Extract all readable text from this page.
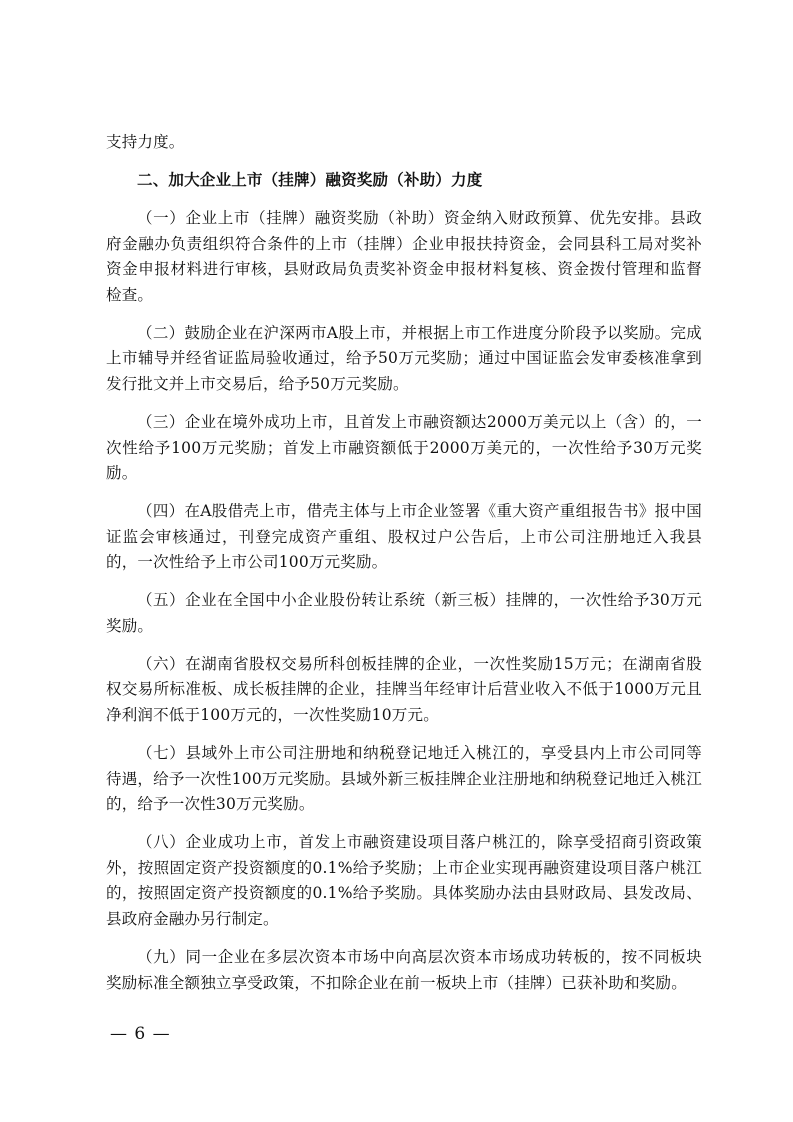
支持力度。

二、加大企业上市（挂牌）融资奖励（补助）力度

（一）企业上市（挂牌）融资奖励（补助）资金纳入财政预算、优先安排。县政府金融办负责组织符合条件的上市（挂牌）企业申报扶持资金，会同县科工局对奖补资金申报材料进行审核，县财政局负责奖补资金申报材料复核、资金拨付管理和监督检查。

（二）鼓励企业在沪深两市A股上市，并根据上市工作进度分阶段予以奖励。完成上市辅导并经省证监局验收通过，给予50万元奖励；通过中国证监会发审委核准拿到发行批文并上市交易后，给予50万元奖励。

（三）企业在境外成功上市，且首发上市融资额达2000万美元以上（含）的，一次性给予100万元奖励；首发上市融资额低于2000万美元的，一次性给予30万元奖励。

（四）在A股借壳上市，借壳主体与上市企业签署《重大资产重组报告书》报中国证监会审核通过，刊登完成资产重组、股权过户公告后，上市公司注册地迁入我县的，一次性给予上市公司100万元奖励。

（五）企业在全国中小企业股份转让系统（新三板）挂牌的，一次性给予30万元奖励。

（六）在湖南省股权交易所科创板挂牌的企业，一次性奖励15万元；在湖南省股权交易所标准板、成长板挂牌的企业，挂牌当年经审计后营业收入不低于1000万元且净利润不低于100万元的，一次性奖励10万元。

（七）县域外上市公司注册地和纳税登记地迁入桃江的，享受县内上市公司同等待遇，给予一次性100万元奖励。县域外新三板挂牌企业注册地和纳税登记地迁入桃江的，给予一次性30万元奖励。

（八）企业成功上市，首发上市融资建设项目落户桃江的，除享受招商引资政策外，按照固定资产投资额度的0.1%给予奖励；上市企业实现再融资建设项目落户桃江的，按照固定资产投资额度的0.1%给予奖励。具体奖励办法由县财政局、县发改局、县政府金融办另行制定。

（九）同一企业在多层次资本市场中向高层次资本市场成功转板的，按不同板块奖励标准全额独立享受政策，不扣除企业在前一板块上市（挂牌）已获补助和奖励。

— 6 —
